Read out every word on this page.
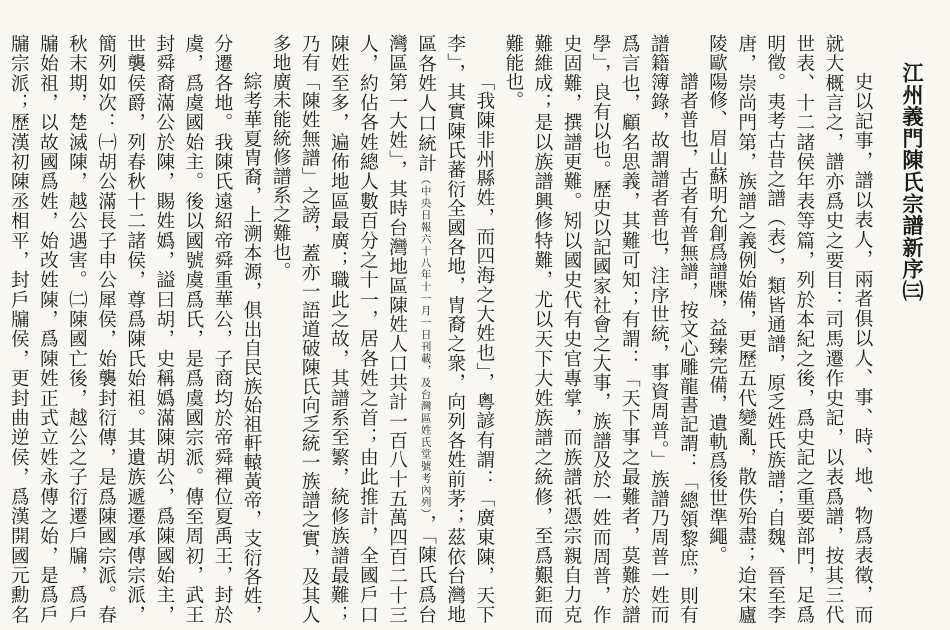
江州義門陳氏宗譜新序㈢
史以記事，譜以表人，兩者俱以人、事、時、地、物爲表徵，而
就大概言之，譜亦爲史之要目：司馬遷作史記，以表爲譜，按其三代
世表、十二諸侯年表等篇，列於本紀之後，爲史記之重要部門，足爲
明徵。夷考古昔之譜（表），類皆通譜，原乏姓氏族譜；自魏、晉至李
唐，崇尚門第，族譜之義例始備，更歷五代變亂，散佚殆盡；迨宋廬
陵歐陽修、眉山蘇明允創爲譜牒，益臻完備，遺軌爲後世準繩。
譜者普也，古者有普無譜，按文心雕龍書記謂：「總領黎庶，則有
譜籍簿錄，故謂譜者普也，注序世統，事資周普。」族譜乃周普一姓而
爲言也，顧名思義，其難可知；有謂：「天下事之最難者，莫難於譜
學」，良有以也。歷史以記國家社會之大事，族譜及於一姓而周普，作
史固難，撰譜更難。矧以國史代有史官專掌，而族譜祇憑宗親自力克
難維成；是以族譜興修特難，尤以天下大姓族譜之統修，至爲艱鉅而
難能也。
「我陳非州縣姓，而四海之大姓也」，粵諺有謂：「廣東陳，天下
李」，其實陳氏蕃衍全國各地，冑裔之衆，向列各姓前茅；茲依台灣地
區各姓人口統計（中央日報六十八年十一月一日刊載，及台灣區姓氏堂號考內列），「陳氏爲台
灣區第一大姓」，其時台灣地區陳姓人口共計一百八十五萬四百二十三
人，約佔各姓總人數百分之十一，居各姓之首；由此推計，全國戶口
陳姓至多，遍佈地區最廣；職此之故，其譜系至繁，統修族譜最難；
乃有「陳姓無譜」之謗，蓋亦一語道破陳氏向乏統一族譜之實，及其人
多地廣未能統修譜系之難也。
綜考華夏冑裔，上溯本源，俱出自民族始祖軒轅黃帝，支衍各姓，
分遷各地。我陳氏遠紹帝舜重華公，子商均於帝舜禪位夏禹王，封於
虞，爲虞國始主。後以國號虞爲氏，是爲虞國宗派。傳至周初，武王
封舜裔滿公於陳，賜姓嬀，謚曰胡，史稱嬀滿陳胡公，爲陳國始主，
世襲侯爵，列春秋十二諸侯，尊爲陳氏始祖。其遺族遞遷承傳宗派，
簡列如次：㈠胡公滿長子申公犀侯，始襲封衍傳，是爲陳國宗派。春
秋末期，楚滅陳，越公遇害。㈡陳國亡後，越公之子衍遷戶牖，爲戶
牖始祖，以故國爲姓，始改姓陳，爲陳姓正式立姓永傳之始，是爲戶
牖宗派；歷漢初陳丞相平，封戶牖侯，更封曲逆侯，爲漢開國元勳名
